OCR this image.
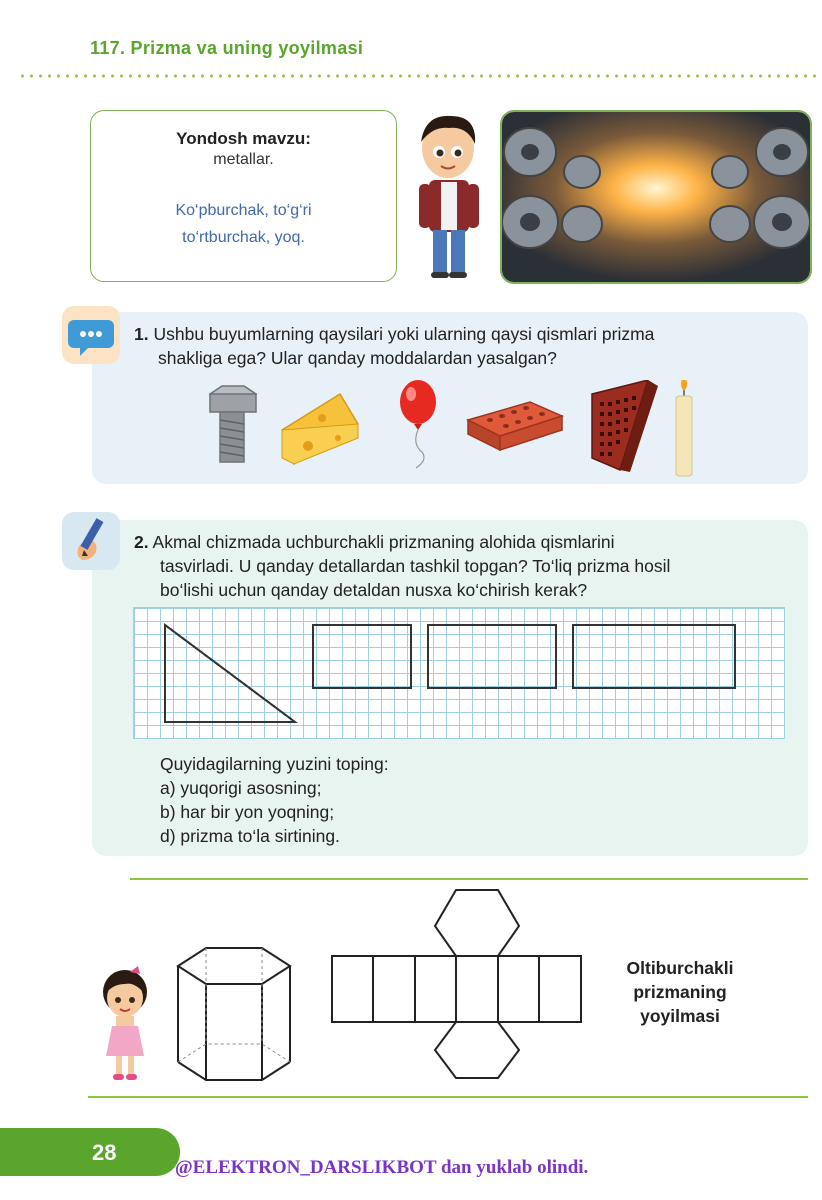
117. Prizma va uning yoyilmasi
Yondosh mavzu:
metallar.
Ko‘pburchak, to‘g‘ri
to‘rtburchak, yoq.
1. Ushbu buyumlarning qaysilari yoki ularning qaysi qismlari prizma
shakliga ega? Ular qanday moddalardan yasalgan?
2. Akmal chizmada uchburchakli prizmaning alohida qismlarini
tasvirladi. U qanday detallardan tashkil topgan? To‘liq prizma hosil
bo‘lishi uchun qanday detaldan nusxa ko‘chirish kerak?
Quyidagilarning yuzini toping:
a) yuqorigi asosning;
b) har bir yon yoqning;
d) prizma to‘la sirtining.
Oltiburchakli
prizmaning
yoyilmasi
28
@ELEKTRON_DARSLIKBOT dan yuklab olindi.
